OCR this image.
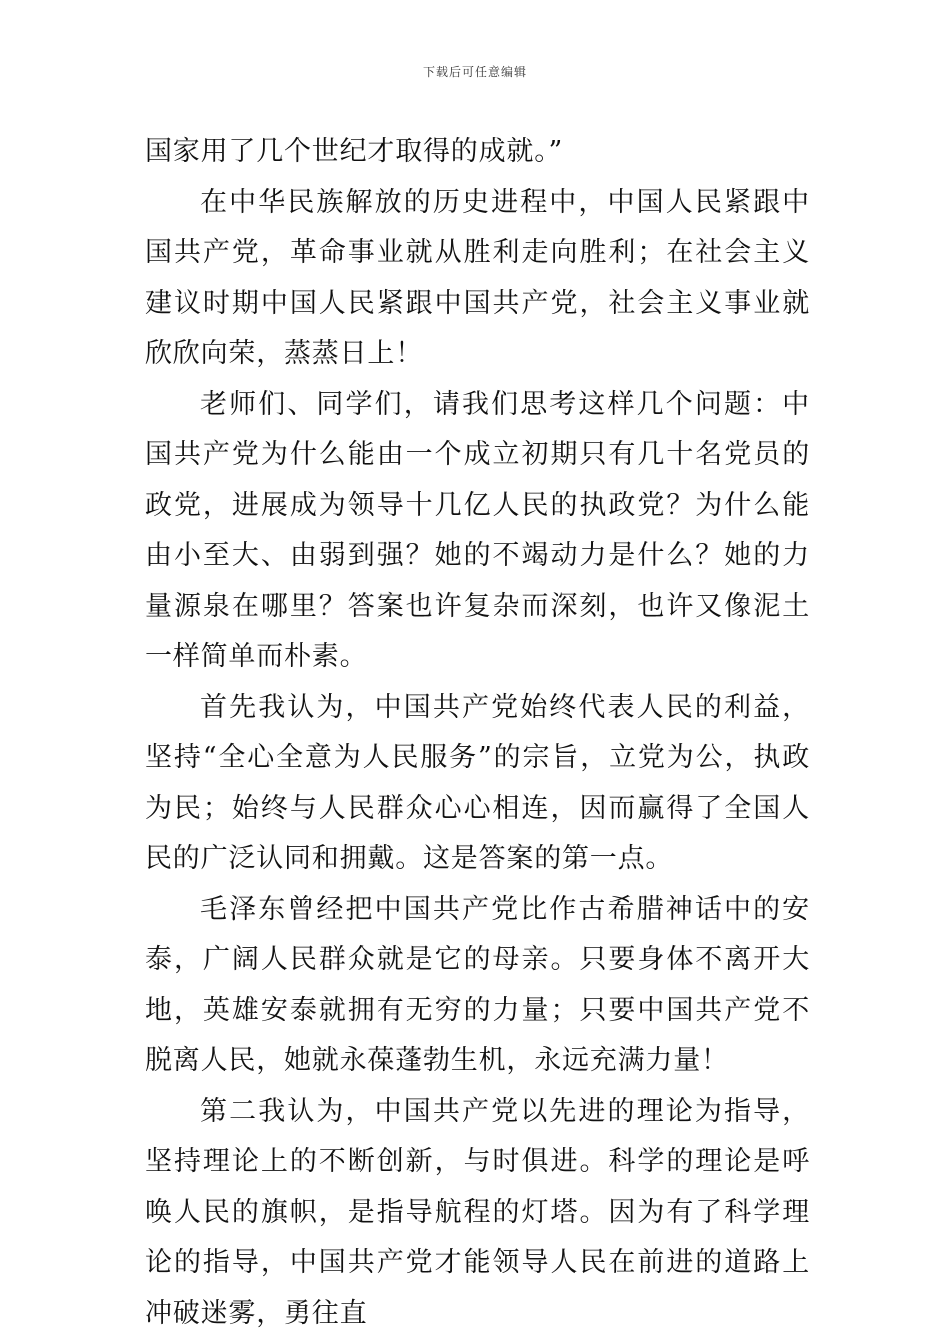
下载后可任意编辑

国家用了几个世纪才取得的成就。”

在中华民族解放的历史进程中，中国人民紧跟中国共产党，革命事业就从胜利走向胜利；在社会主义建议时期中国人民紧跟中国共产党，社会主义事业就欣欣向荣，蒸蒸日上！

老师们、同学们，请我们思考这样几个问题：中国共产党为什么能由一个成立初期只有几十名党员的政党，进展成为领导十几亿人民的执政党？为什么能由小至大、由弱到强？她的不竭动力是什么？她的力量源泉在哪里？答案也许复杂而深刻，也许又像泥土一样简单而朴素。

首先我认为，中国共产党始终代表人民的利益，坚持“全心全意为人民服务”的宗旨，立党为公，执政为民；始终与人民群众心心相连，因而赢得了全国人民的广泛认同和拥戴。这是答案的第一点。

毛泽东曾经把中国共产党比作古希腊神话中的安泰，广阔人民群众就是它的母亲。只要身体不离开大地，英雄安泰就拥有无穷的力量；只要中国共产党不脱离人民，她就永葆蓬勃生机，永远充满力量！

第二我认为，中国共产党以先进的理论为指导，坚持理论上的不断创新，与时俱进。科学的理论是呼唤人民的旗帜，是指导航程的灯塔。因为有了科学理论的指导，中国共产党才能领导人民在前进的道路上冲破迷雾，勇往直
